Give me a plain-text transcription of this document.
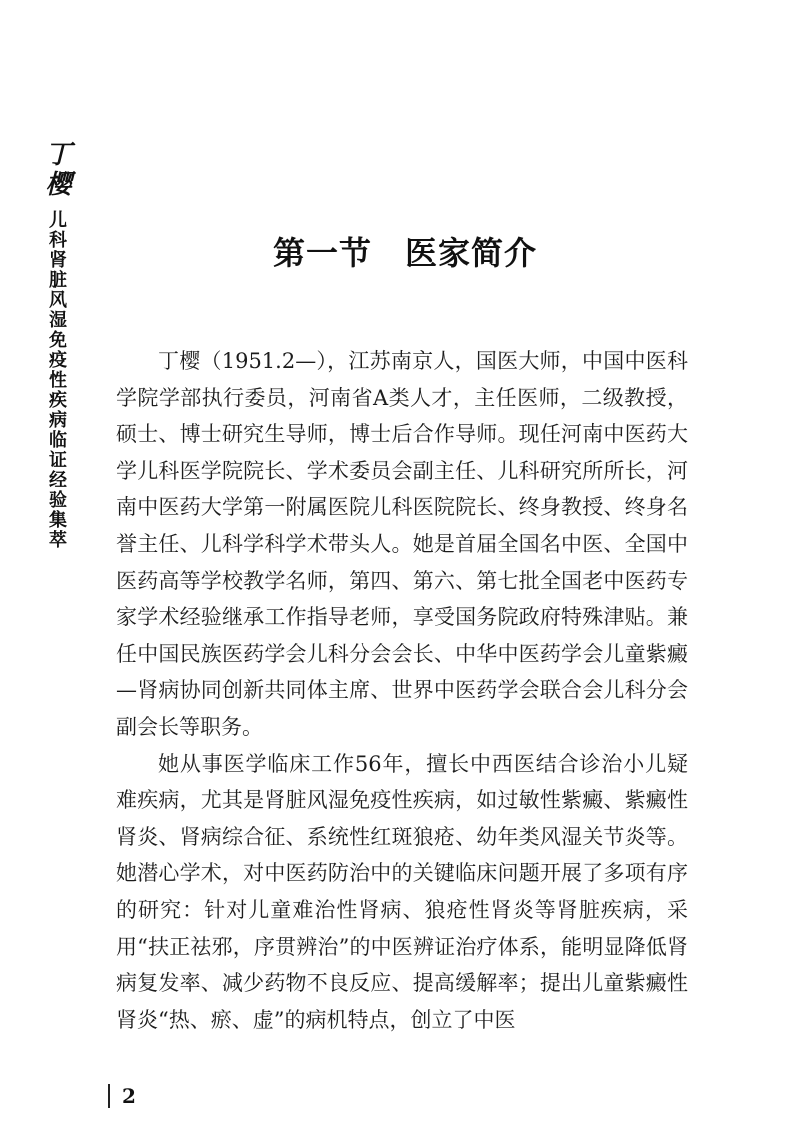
丁樱
儿科肾脏风湿免疫性疾病临证经验集萃	第一节　医家简介

丁樱（1951.2—），江苏南京人，国医大师，中国中医科学院学部执行委员，河南省A类人才，主任医师，二级教授，硕士、博士研究生导师，博士后合作导师。现任河南中医药大学儿科医学院院长、学术委员会副主任、儿科研究所所长，河南中医药大学第一附属医院儿科医院院长、终身教授、终身名誉主任、儿科学科学术带头人。她是首届全国名中医、全国中医药高等学校教学名师，第四、第六、第七批全国老中医药专家学术经验继承工作指导老师，享受国务院政府特殊津贴。兼任中国民族医药学会儿科分会会长、中华中医药学会儿童紫癜—肾病协同创新共同体主席、世界中医药学会联合会儿科分会副会长等职务。

她从事医学临床工作56年，擅长中西医结合诊治小儿疑难疾病，尤其是肾脏风湿免疫性疾病，如过敏性紫癜、紫癜性肾炎、肾病综合征、系统性红斑狼疮、幼年类风湿关节炎等。她潜心学术，对中医药防治中的关键临床问题开展了多项有序的研究：针对儿童难治性肾病、狼疮性肾炎等肾脏疾病，采用“扶正祛邪，序贯辨治”的中医辨证治疗体系，能明显降低肾病复发率、减少药物不良反应、提高缓解率；提出儿童紫癜性肾炎“热、瘀、虚”的病机特点，创立了中医

2
